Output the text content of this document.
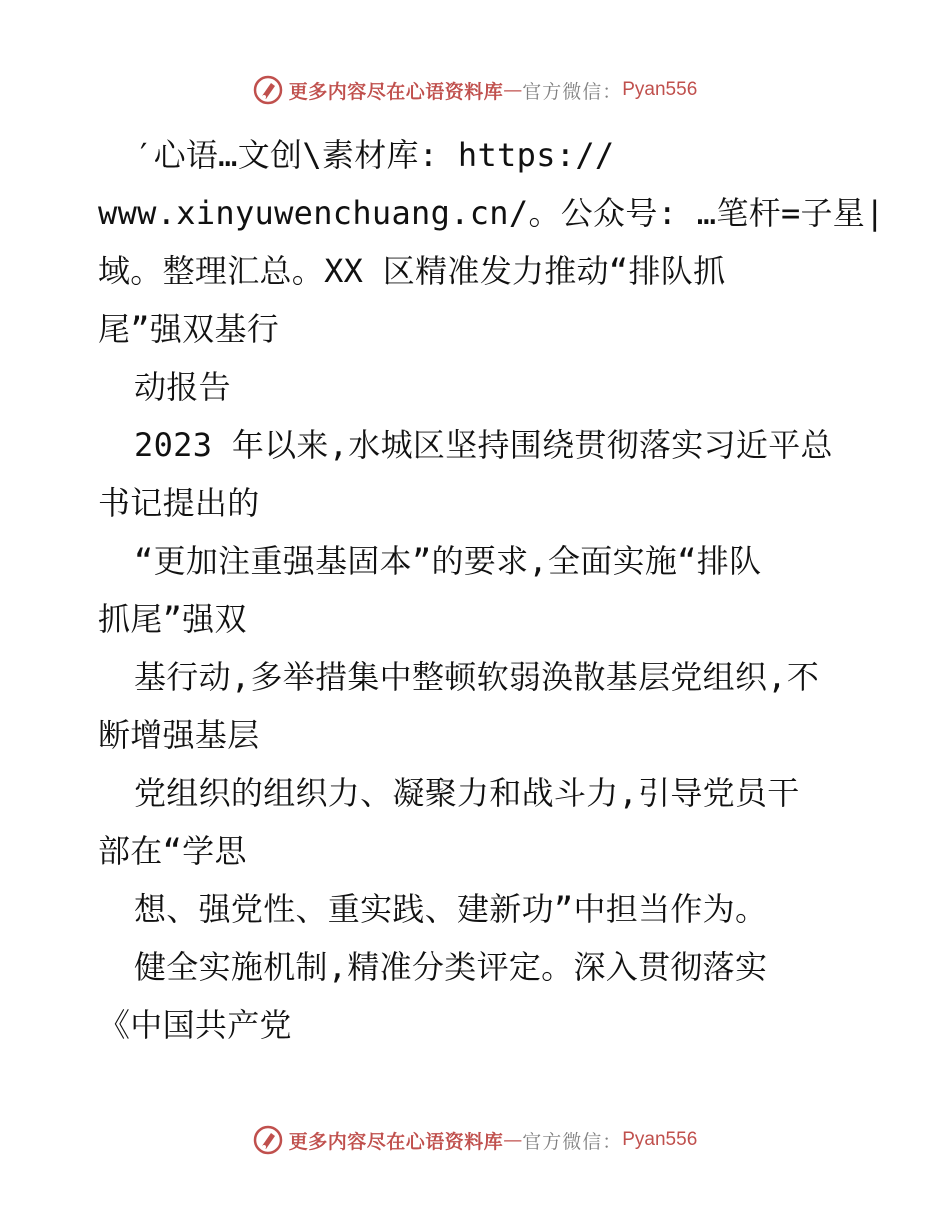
更多内容尽在心语资料库 — 官方微信： Pyan556
′心语…文创\素材库: https://
www.xinyuwenchuang.cn/。公众号: …笔杆=子星|
域。整理汇总。XX 区精准发力推动“排队抓
尾”强双基行
动报告
2023 年以来,水城区坚持围绕贯彻落实习近平总
书记提出的
“更加注重强基固本”的要求,全面实施“排队
抓尾”强双
基行动,多举措集中整顿软弱涣散基层党组织,不
断增强基层
党组织的组织力、凝聚力和战斗力,引导党员干
部在“学思
想、强党性、重实践、建新功”中担当作为。
健全实施机制,精准分类评定。深入贯彻落实
《中国共产党
更多内容尽在心语资料库 — 官方微信： Pyan556
